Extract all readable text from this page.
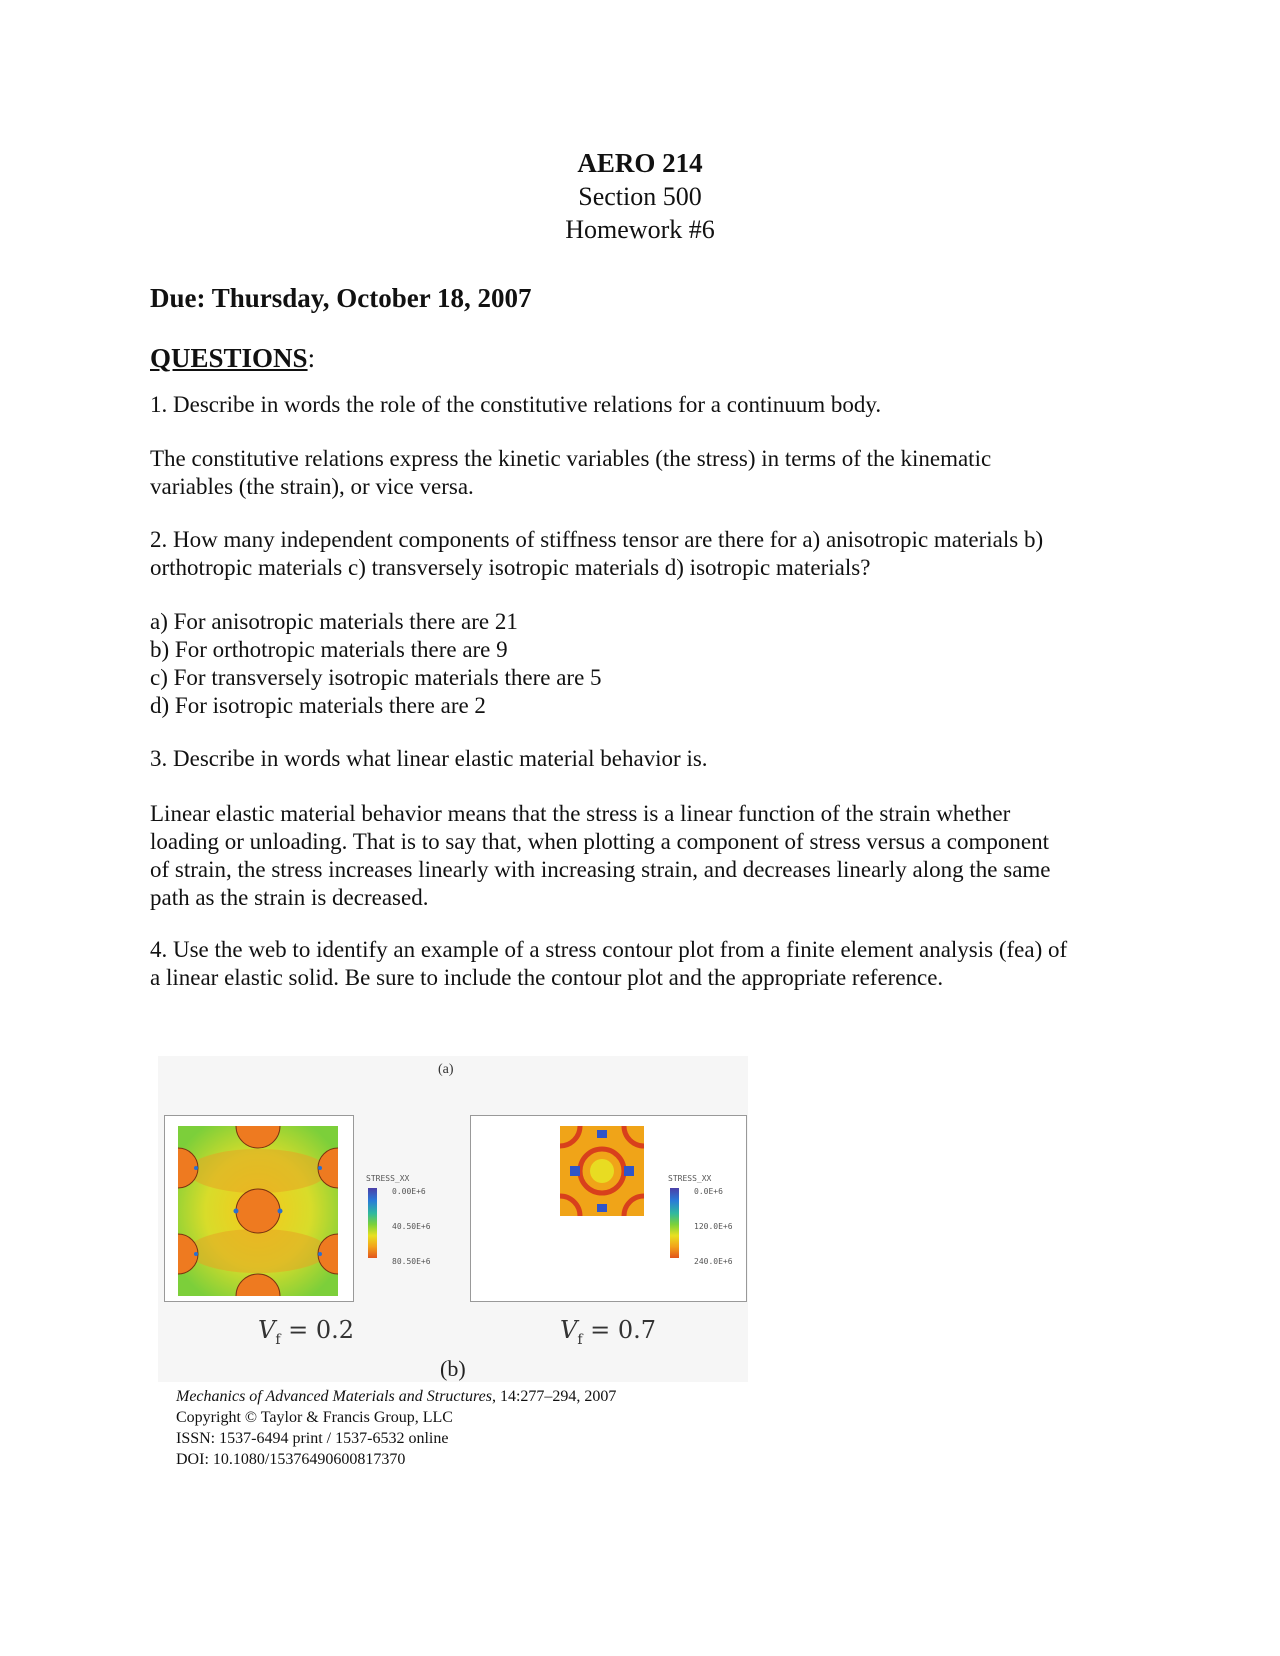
AERO 214
Section 500
Homework #6
Due: Thursday, October 18, 2007
QUESTIONS:
1. Describe in words the role of the constitutive relations for a continuum body.
The constitutive relations express the kinetic variables (the stress) in terms of the kinematic
variables (the strain), or vice versa.
2. How many independent components of stiffness tensor are there for a) anisotropic materials b)
orthotropic materials c) transversely isotropic materials d) isotropic materials?
a) For anisotropic materials there are 21
b) For orthotropic materials there are 9
c) For transversely isotropic materials there are 5
d) For isotropic materials there are 2
3. Describe in words what linear elastic material behavior is.
Linear elastic material behavior means that the stress is a linear function of the strain whether
loading or unloading. That is to say that, when plotting a component of stress versus a component
of strain, the stress increases linearly with increasing strain, and decreases linearly along the same
path as the strain is decreased.
4. Use the web to identify an example of a stress contour plot from a finite element analysis (fea) of
a linear elastic solid. Be sure to include the contour plot and the appropriate reference.
(a)
STRESS_XX
0.00E+6
40.50E+6
80.50E+6
STRESS_XX
0.0E+6
120.0E+6
240.0E+6
$V_f = 0.2$	$V_f = 0.7$
(b)
Mechanics of Advanced Materials and Structures, 14:277–294, 2007
Copyright © Taylor & Francis Group, LLC
ISSN: 1537-6494 print / 1537-6532 online
DOI: 10.1080/15376490600817370
